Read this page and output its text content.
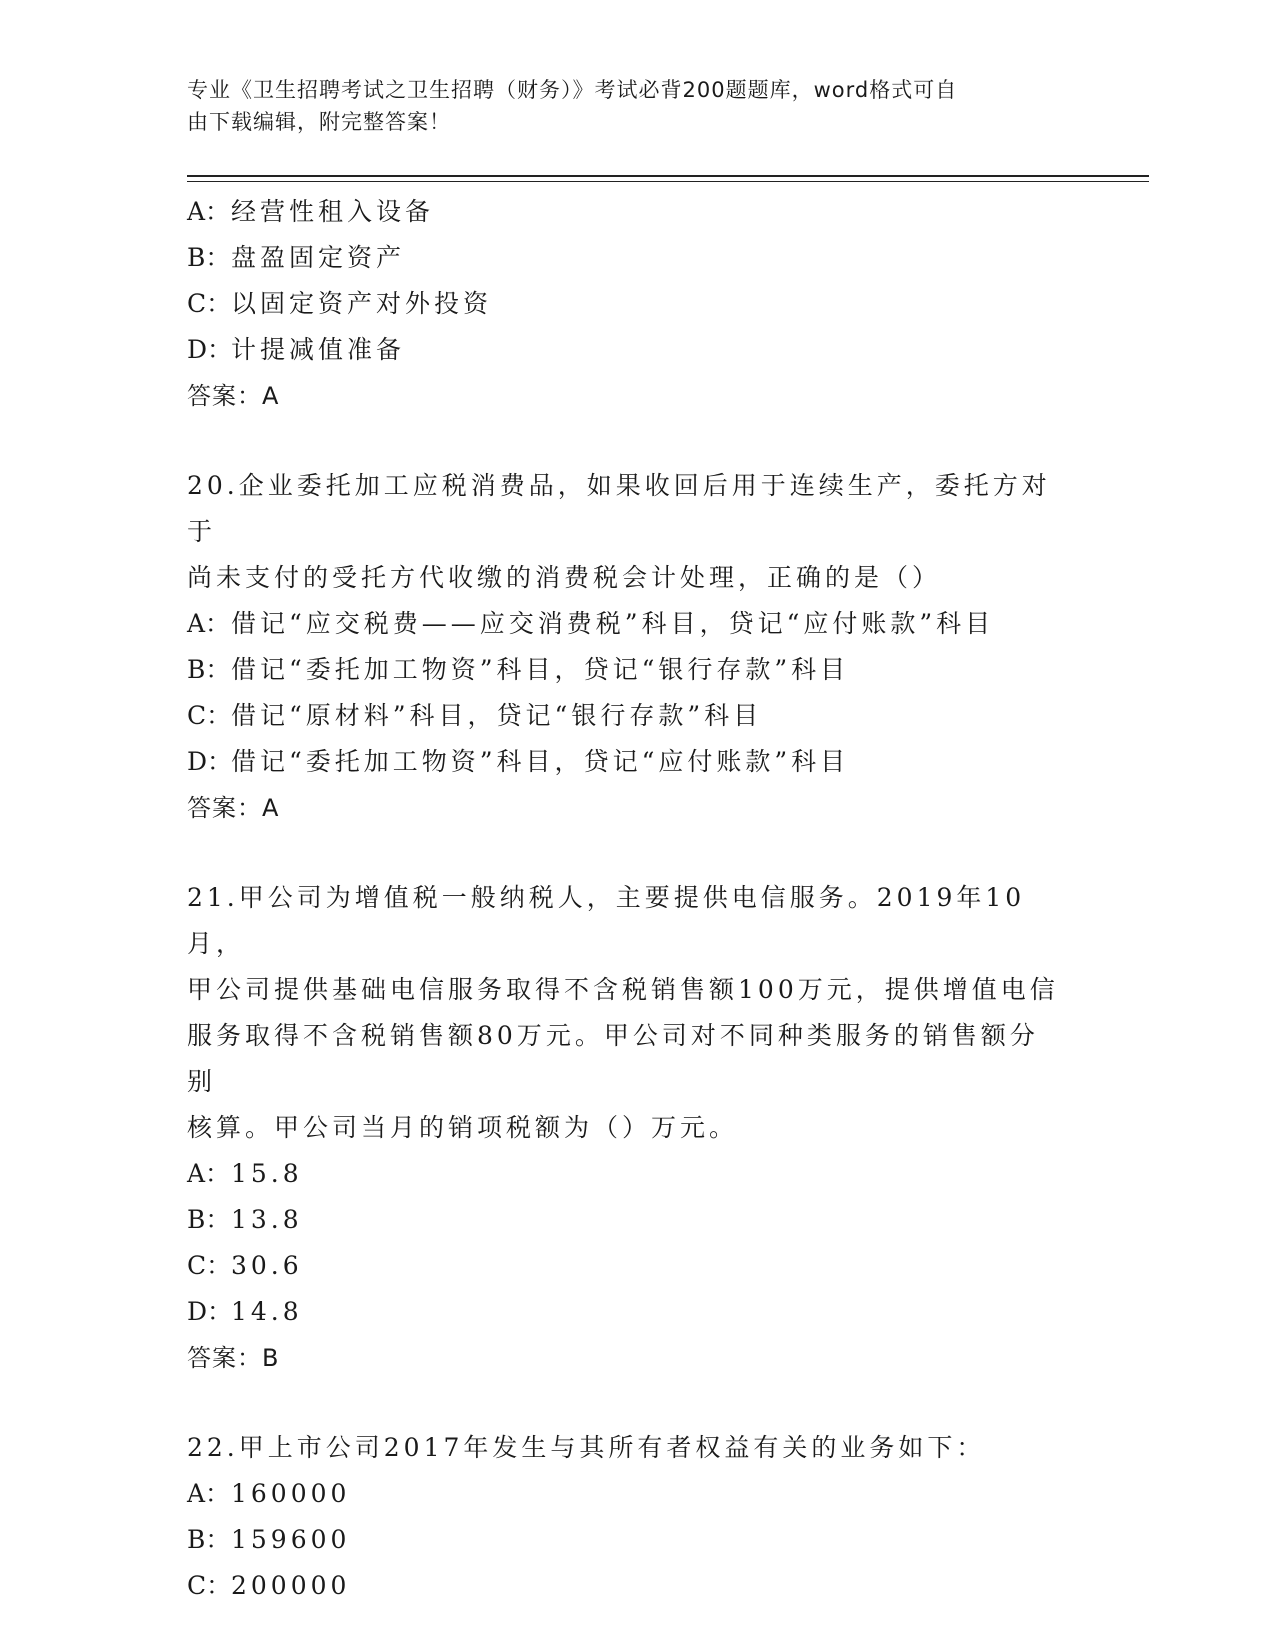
专业《卫生招聘考试之卫生招聘（财务）》考试必背200题题库，word格式可自
由下载编辑，附完整答案！
A：经营性租入设备
B：盘盈固定资产
C：以固定资产对外投资
D：计提减值准备
答案：A
20.企业委托加工应税消费品，如果收回后用于连续生产，委托方对于
尚未支付的受托方代收缴的消费税会计处理，正确的是（）
A：借记“应交税费——应交消费税”科目，贷记“应付账款”科目
B：借记“委托加工物资”科目，贷记“银行存款”科目
C：借记“原材料”科目，贷记“银行存款”科目
D：借记“委托加工物资”科目，贷记“应付账款”科目
答案：A
21.甲公司为增值税一般纳税人，主要提供电信服务。2019年10月，
甲公司提供基础电信服务取得不含税销售额100万元，提供增值电信
服务取得不含税销售额80万元。甲公司对不同种类服务的销售额分别
核算。甲公司当月的销项税额为（）万元。
A：15.8
B：13.8
C：30.6
D：14.8
答案：B
22.甲上市公司2017年发生与其所有者权益有关的业务如下：
A：160000
B：159600
C：200000
